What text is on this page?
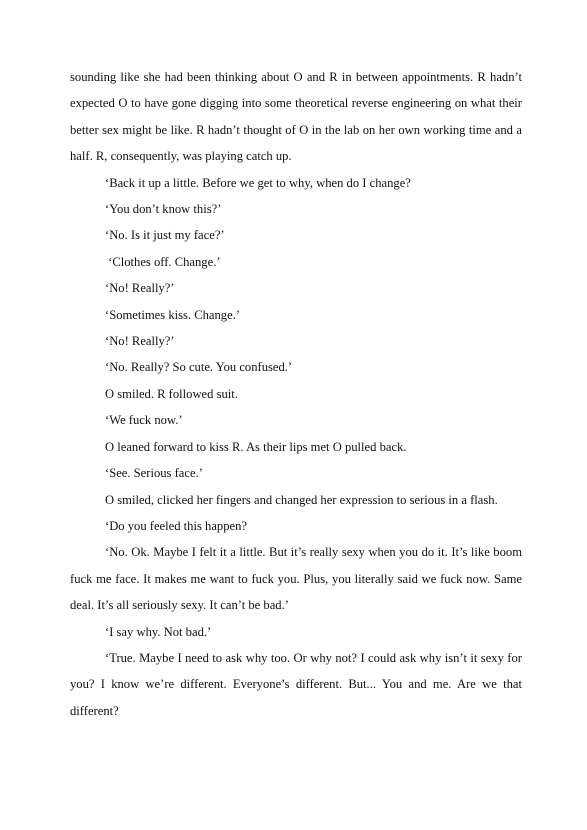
sounding like she had been thinking about O and R in between appointments. R hadn’t expected O to have gone digging into some theoretical reverse engineering on what their better sex might be like. R hadn’t thought of O in the lab on her own working time and a half. R, consequently, was playing catch up.

‘Back it up a little. Before we get to why, when do I change?

‘You don’t know this?’

‘No. Is it just my face?’

‘Clothes off. Change.’

‘No! Really?’

‘Sometimes kiss. Change.’

‘No! Really?’

‘No. Really? So cute. You confused.’

O smiled. R followed suit.

‘We fuck now.’

O leaned forward to kiss R. As their lips met O pulled back.

‘See. Serious face.’

O smiled, clicked her fingers and changed her expression to serious in a flash.

‘Do you feeled this happen?

‘No. Ok. Maybe I felt it a little. But it’s really sexy when you do it. It’s like boom fuck me face. It makes me want to fuck you. Plus, you literally said we fuck now. Same deal. It’s all seriously sexy. It can’t be bad.’

‘I say why. Not bad.’

‘True. Maybe I need to ask why too. Or why not? I could ask why isn’t it sexy for you? I know we’re different. Everyone’s different. But... You and me. Are we that different?
